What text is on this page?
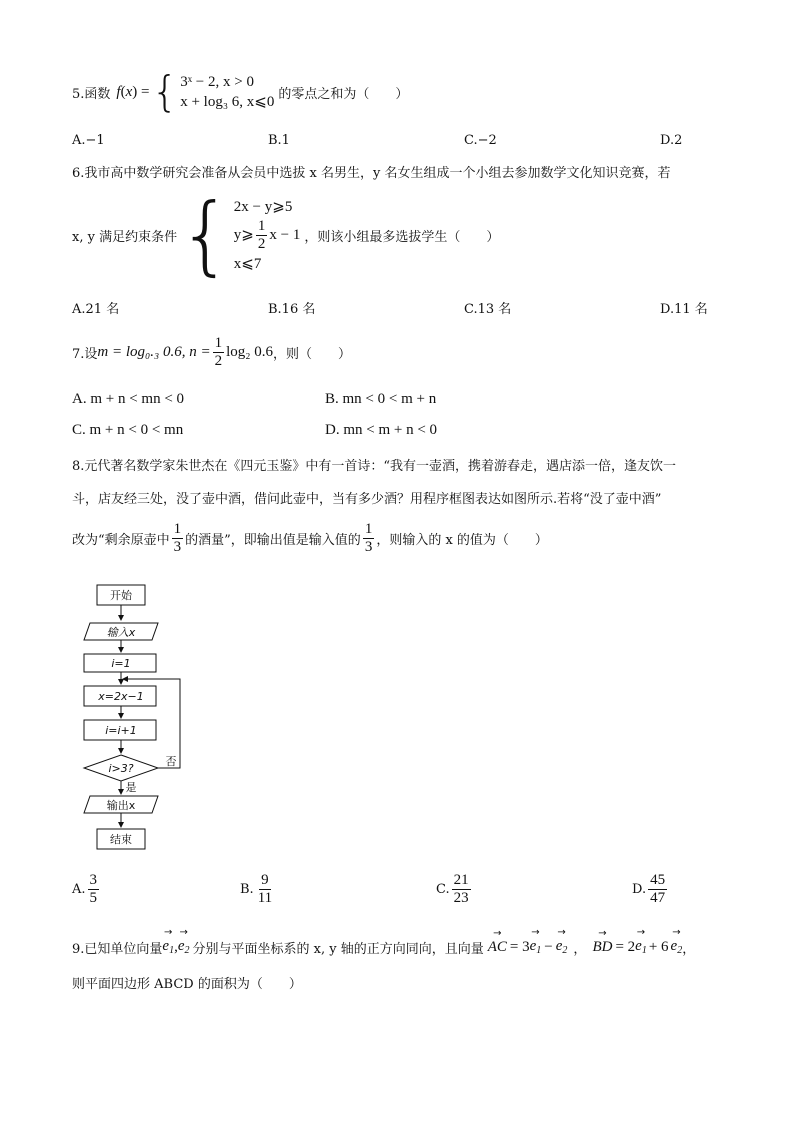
5.函数 f ( x ) = { 3ˣ − 2, x > 0
x + log₃ 6, x⩽0 的零点之和为（　　）
A.−1	B.1	C.−2	D.2
6.我市高中数学研究会准备从会员中选拔 x 名男生，y 名女生组成一个小组去参加数学文化知识竞赛，若
x, y 满足约束条件 { 2x − y⩾5
y⩾ $\frac{1}{2}$ x − 1
x⩽7
，则该小组最多选拔学生（　　）
A.21 名	B.16 名	C.13 名	D.11 名
7.设 m = log₀.₃ 0.6, $n = \frac{1}{2} \log_2$ 0.6 ，则（　　）
A. m + n < mn < 0	B. mn < 0 < m + n
C. m + n < 0 < mn	D. mn < m + n < 0
8.元代著名数学家朱世杰在《四元玉鉴》中有一首诗：“我有一壶酒，携着游春走，遇店添一倍，逢友饮一
斗，店友经三处，没了壶中酒，借问此壶中，当有多少酒？用程序框图表达如图所示.若将“没了壶中酒”
改为“剩余原壶中 $\frac{1}{3}$ 的酒量”，即输出值是输入值的 $\frac{1}{3}$ ，则输入的 x 的值为（　　）
开始
输入x
i=1
x=2x−1
i=i+1
i>3?
否
是
输出x
结束
A. $\frac{3}{5}$	B. $\frac{9}{11}$	C. $\frac{21}{23}$	D. $\frac{45}{47}$
9.已知单位向量
→ $e_1$ ,
→ $e_2$ 分别与平面坐标系的 x, y 轴的正方向同向，且向量
→ AC = 3
→ $e_1$ −
→ $e_2$ ，
→ BD = 2
→ $e_1 + 6$
→ $e_2$ ，
则平面四边形 ABCD 的面积为（　　）
